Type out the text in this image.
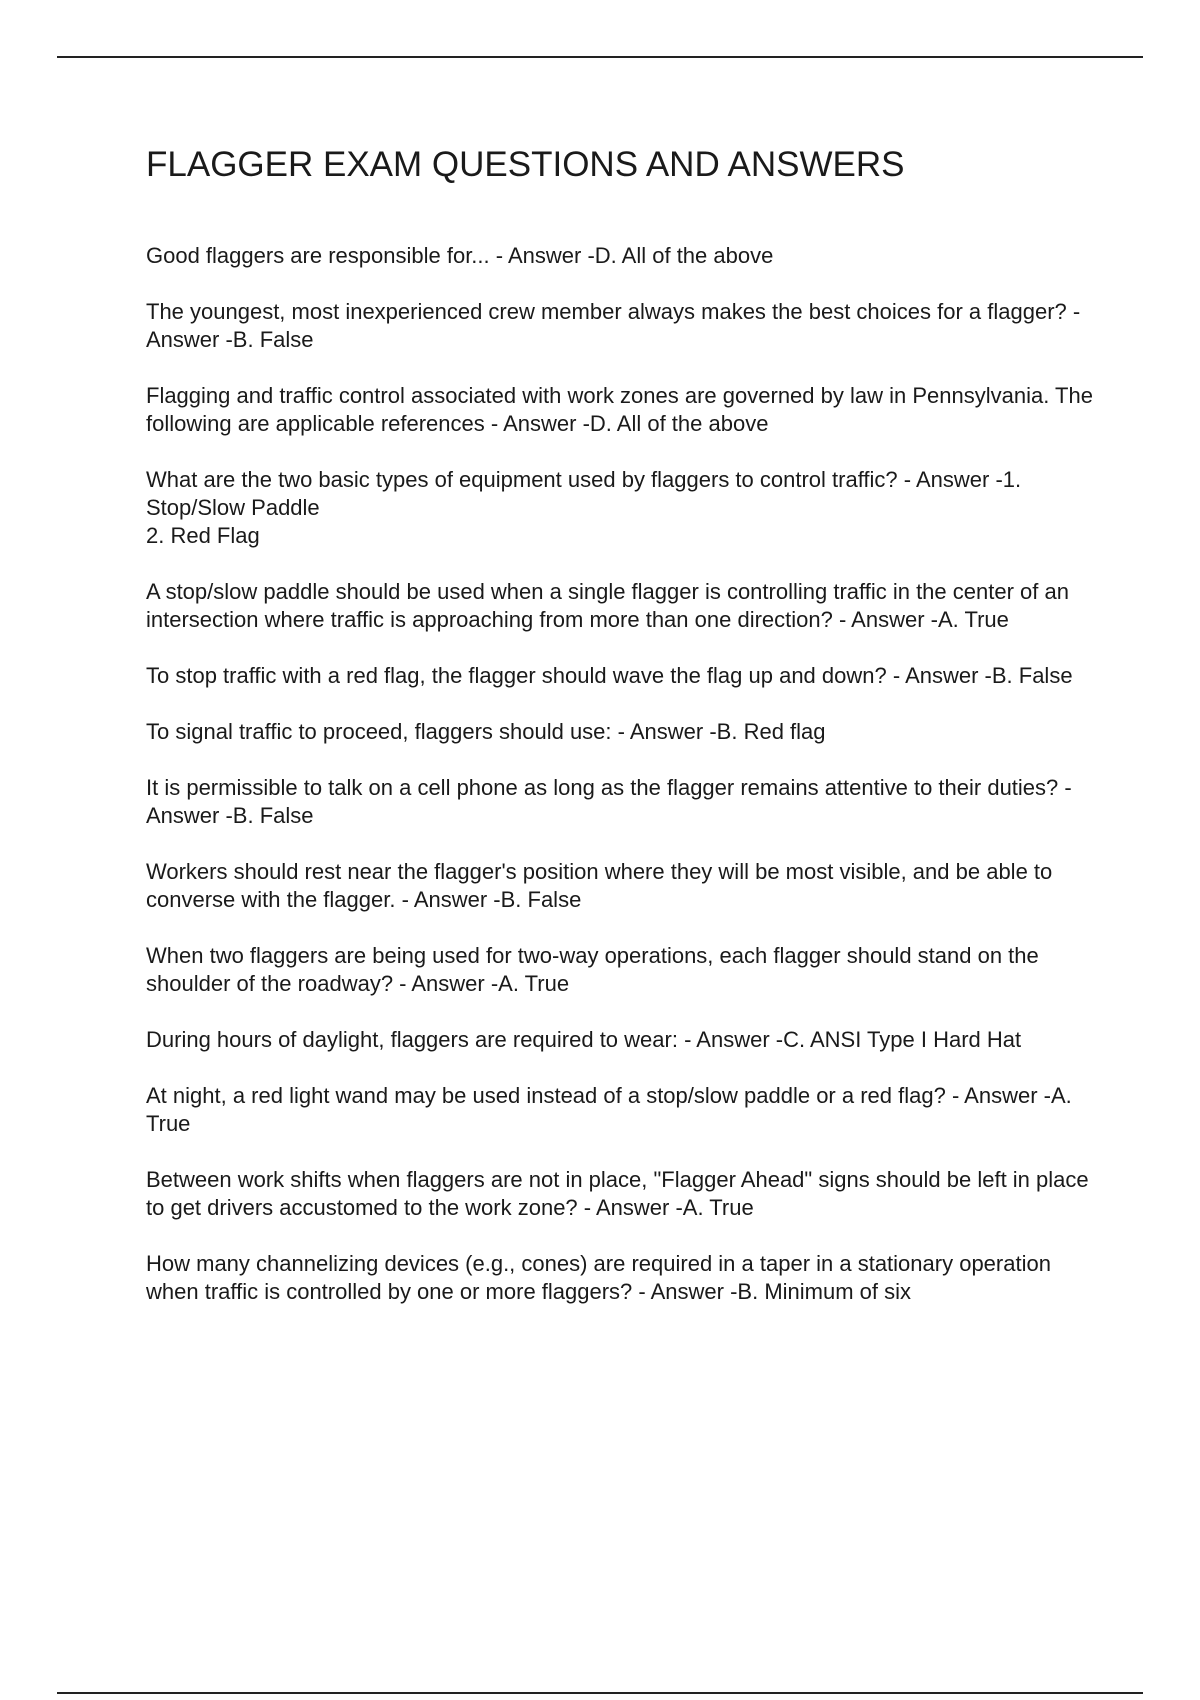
FLAGGER EXAM QUESTIONS AND ANSWERS

Good flaggers are responsible for... - Answer -D. All of the above

The youngest, most inexperienced crew member always makes the best choices for a flagger? - Answer -B. False

Flagging and traffic control associated with work zones are governed by law in Pennsylvania. The following are applicable references - Answer -D. All of the above

What are the two basic types of equipment used by flaggers to control traffic? - Answer -1. Stop/Slow Paddle
2. Red Flag

A stop/slow paddle should be used when a single flagger is controlling traffic in the center of an intersection where traffic is approaching from more than one direction? - Answer -A. True

To stop traffic with a red flag, the flagger should wave the flag up and down? - Answer -B. False

To signal traffic to proceed, flaggers should use: - Answer -B. Red flag

It is permissible to talk on a cell phone as long as the flagger remains attentive to their duties? - Answer -B. False

Workers should rest near the flagger's position where they will be most visible, and be able to converse with the flagger. - Answer -B. False

When two flaggers are being used for two-way operations, each flagger should stand on the shoulder of the roadway? - Answer -A. True

During hours of daylight, flaggers are required to wear: - Answer -C. ANSI Type I Hard Hat

At night, a red light wand may be used instead of a stop/slow paddle or a red flag? - Answer -A. True

Between work shifts when flaggers are not in place, "Flagger Ahead" signs should be left in place to get drivers accustomed to the work zone? - Answer -A. True

How many channelizing devices (e.g., cones) are required in a taper in a stationary operation when traffic is controlled by one or more flaggers? - Answer -B. Minimum of six
